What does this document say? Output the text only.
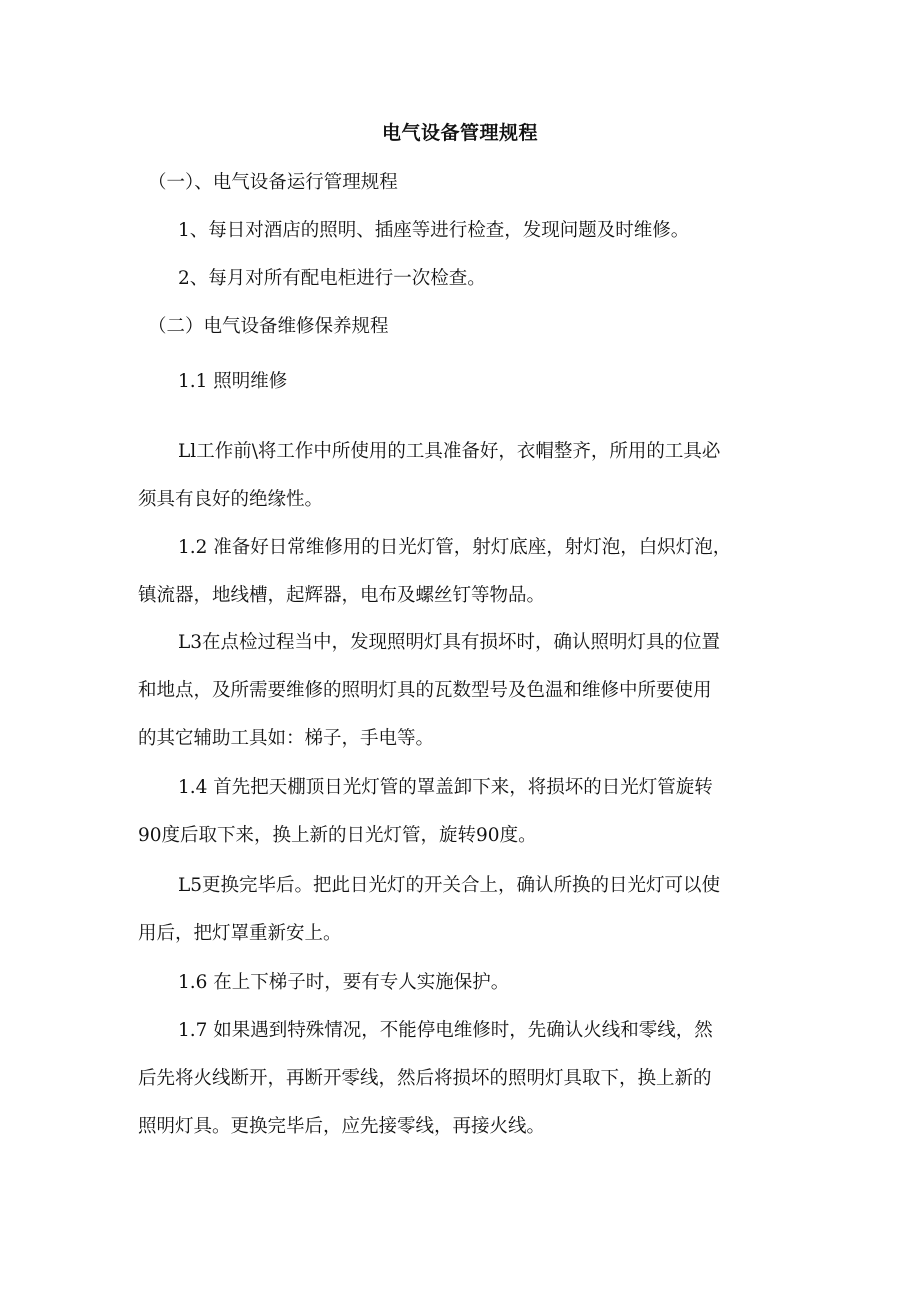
电气设备管理规程
（一）、电气设备运行管理规程
1、每日对酒店的照明、插座等进行检查，发现问题及时维修。
2、每月对所有配电柜进行一次检查。
（二）电气设备维修保养规程
1.1 照明维修
Ll工作前\将工作中所使用的工具准备好，衣帽整齐，所用的工具必
须具有良好的绝缘性。
1.2 准备好日常维修用的日光灯管，射灯底座，射灯泡，白炽灯泡，
镇流器，地线槽，起辉器，电布及螺丝钉等物品。
L3在点检过程当中，发现照明灯具有损坏时，确认照明灯具的位置
和地点，及所需要维修的照明灯具的瓦数型号及色温和维修中所要使用
的其它辅助工具如：梯子，手电等。
1.4 首先把天棚顶日光灯管的罩盖卸下来，将损坏的日光灯管旋转
90度后取下来，换上新的日光灯管，旋转90度。
L5更换完毕后。把此日光灯的开关合上，确认所换的日光灯可以使
用后，把灯罩重新安上。
1.6 在上下梯子时，要有专人实施保护。
1.7 如果遇到特殊情况，不能停电维修时，先确认火线和零线，然
后先将火线断开，再断开零线，然后将损坏的照明灯具取下，换上新的
照明灯具。更换完毕后，应先接零线，再接火线。
